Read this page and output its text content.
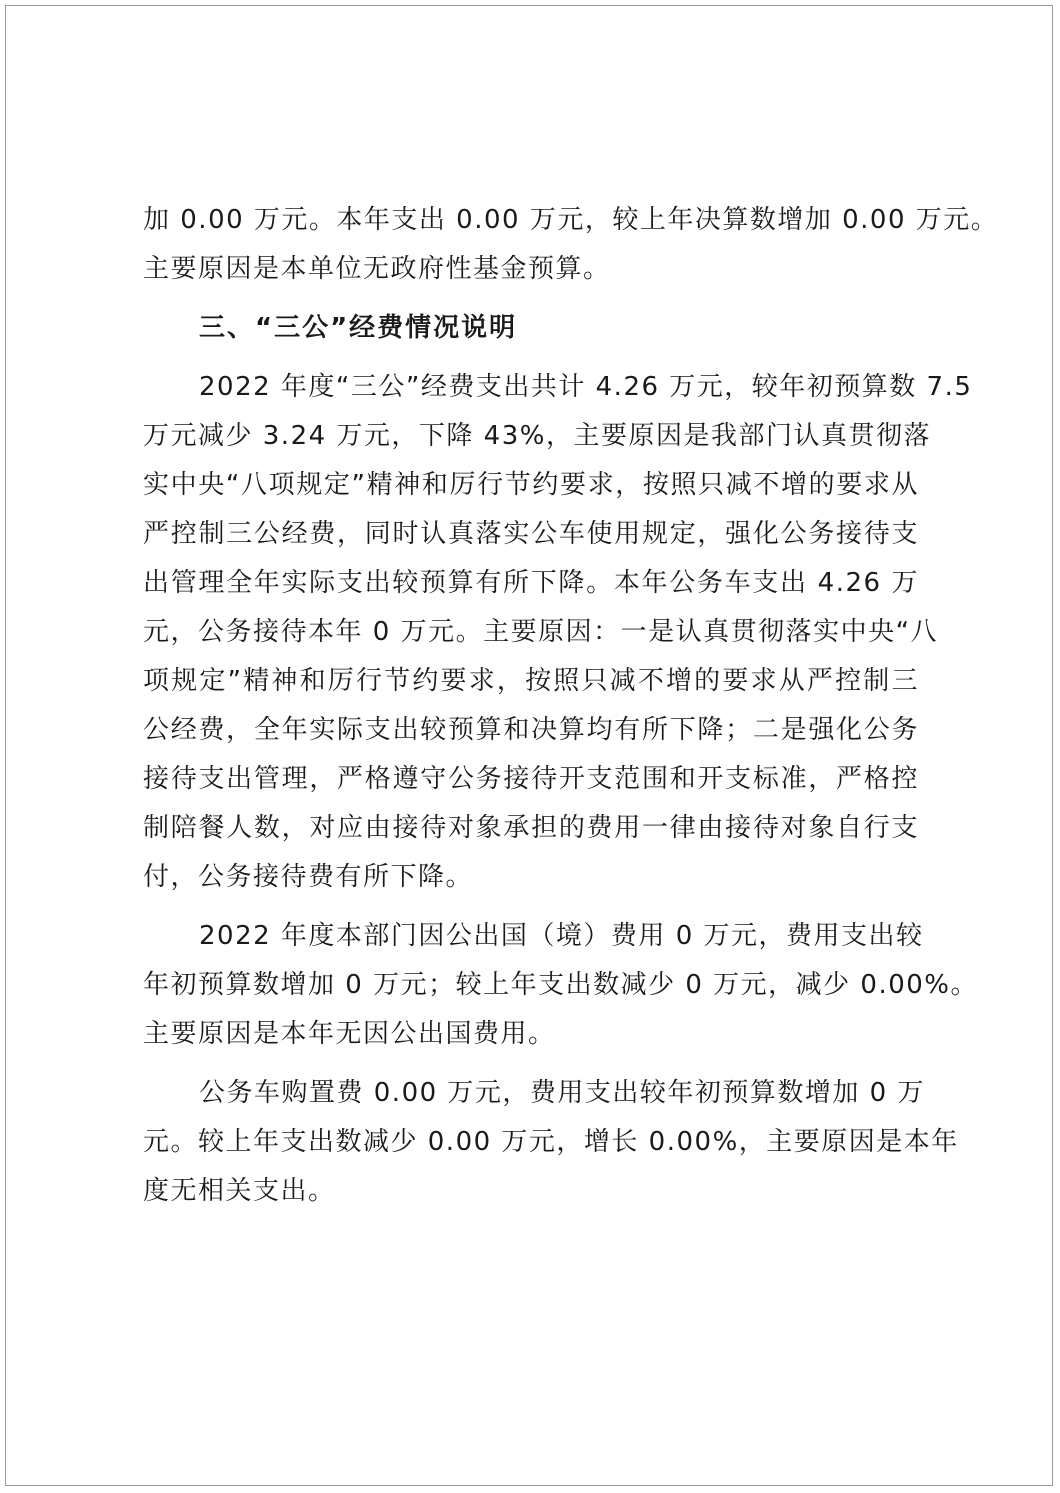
加 0.00 万元。本年支出 0.00 万元，较上年决算数增加 0.00 万元。
主要原因是本单位无政府性基金预算。

三、“三公”经费情况说明

2022 年度“三公”经费支出共计 4.26 万元，较年初预算数 7.5
万元减少 3.24 万元，下降 43%，主要原因是我部门认真贯彻落
实中央“八项规定”精神和厉行节约要求，按照只减不增的要求从
严控制三公经费，同时认真落实公车使用规定，强化公务接待支
出管理全年实际支出较预算有所下降。本年公务车支出 4.26 万
元，公务接待本年 0 万元。主要原因：一是认真贯彻落实中央“八
项规定”精神和厉行节约要求，按照只减不增的要求从严控制三
公经费，全年实际支出较预算和决算均有所下降；二是强化公务
接待支出管理，严格遵守公务接待开支范围和开支标准，严格控
制陪餐人数，对应由接待对象承担的费用一律由接待对象自行支
付，公务接待费有所下降。

2022 年度本部门因公出国（境）费用 0 万元，费用支出较
年初预算数增加 0 万元；较上年支出数减少 0 万元，减少 0.00%。
主要原因是本年无因公出国费用。

公务车购置费 0.00 万元，费用支出较年初预算数增加 0 万
元。较上年支出数减少 0.00 万元，增长 0.00%，主要原因是本年
度无相关支出。
